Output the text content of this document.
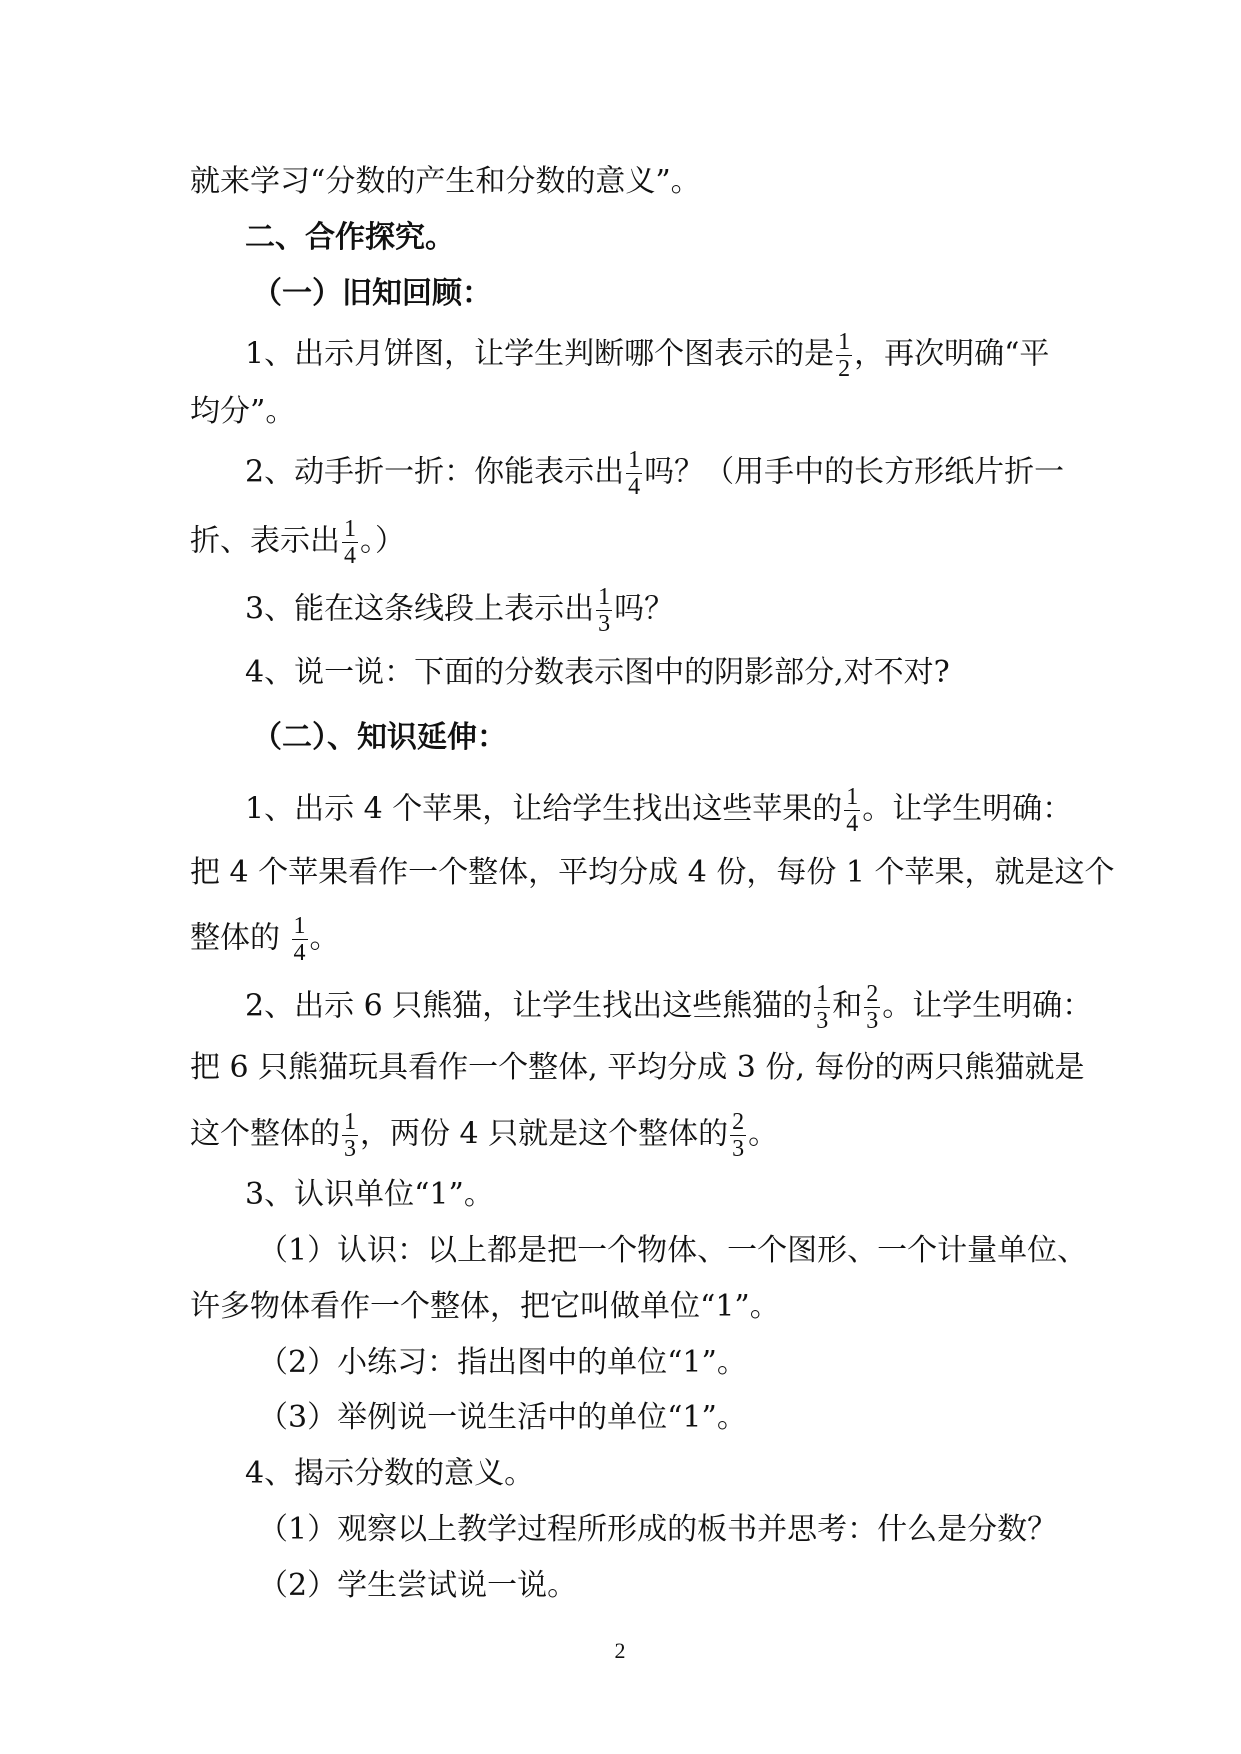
就来学习“分数的产生和分数的意义”。
二、合作探究。
（一）旧知回顾：
1、出示月饼图，让学生判断哪个图表示的是 $\frac{1}{2}$ ，再次明确“平
均分”。
2、动手折一折：你能表示出 $\frac{1}{4}$ 吗？（用手中的长方形纸片折一
折、表示出 $\frac{1}{4}$ 。）
3、能在这条线段上表示出 $\frac{1}{3}$ 吗？
4、说一说：下面的分数表示图中的阴影部分,对不对?
（二）、知识延伸：
1、出示 4 个苹果，让给学生找出这些苹果的 $\frac{1}{4}$ 。让学生明确：
把 4 个苹果看作一个整体，平均分成 4 份，每份 1 个苹果，就是这个
整体的 $\frac{1}{4}$ 。
2、出示 6 只熊猫，让学生找出这些熊猫的 $\frac{1}{3}$ 和 $\frac{2}{3}$ 。让学生明确：
把 6 只熊猫玩具看作一个整体, 平均分成 3 份, 每份的两只熊猫就是
这个整体的 $\frac{1}{3}$ ，两份 4 只就是这个整体的 $\frac{2}{3}$ 。
3、认识单位“1”。
（1）认识：以上都是把一个物体、一个图形、一个计量单位、
许多物体看作一个整体，把它叫做单位“1”。
（2）小练习：指出图中的单位“1”。
（3）举例说一说生活中的单位“1”。
4、揭示分数的意义。
（1）观察以上教学过程所形成的板书并思考：什么是分数？
（2）学生尝试说一说。
2
